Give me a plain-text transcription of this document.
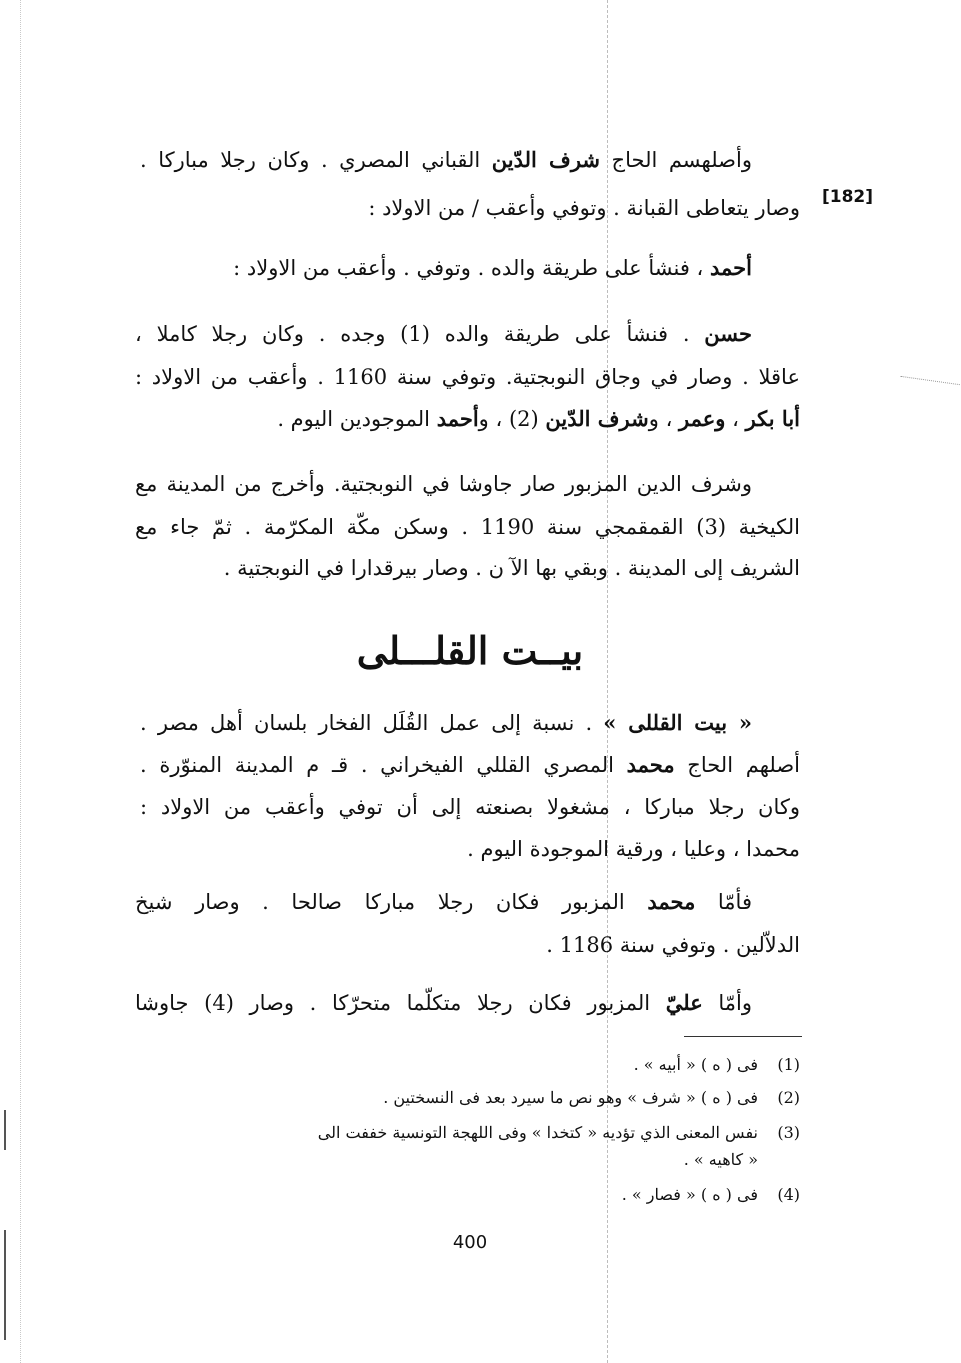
[182]
وأصلهسم الحاج شرف الدّين القباني المصري . وكان رجلا مباركا .
وصار يتعاطى القبانة . وتوفي وأعقب / من الاولاد :
أحمد ، فنشأ على طريقة والده . وتوفي . وأعقب من الاولاد :
حسن . فنشأ على طريقة والده (1) وجده . وكان رجلا كاملا ،
عاقلا . وصار في وجاق النوبجتية. وتوفي سنة 1160 . وأعقب من الاولاد :
أبا بكر ، وعمر ، وشرف الدّين (2) ، وأحمد الموجودين اليوم .
وشرف الدين المزبور صار جاوشا في النوبجتية. وأخرج من المدينة مع
الكيخية (3) القمقمجي سنة 1190 . وسكن مكّة المكرّمة . ثمّ جاء مع
الشريف إلى المدينة . وبقي بها الآ ن . وصار بيرقدارا في النوبجتية .
بيــت القلـــلى
« بيت القللى » . نسبة إلى عمل القُلَل الفخار بلسان أهل مصر .
أصلهم الحاج محمد المصري القللي الفيخراني . قـ م المدينة المنوّرة .
وكان رجلا مباركا ، مشغولا بصنعته إلى أن توفي وأعقب من الاولاد :
محمدا ، وعليا ، ورقية الموجودة اليوم .
فأمّا محمد المزبور فكان رجلا مباركا صالحا . وصار شيخ
الدلاّلين . وتوفي سنة 1186 .
وأمّا عليّ المزبور فكان رجلا متكلّما متحرّكا . وصار (4) جاوشا
(1)فى ( ه ) « أبيه » .
(2)فى ( ه ) « شرف » وهو نص ما سيرد بعد فى النسختين .
(3)نفس المعنى الذي تؤديه « كتخدا » وفى اللهجة التونسية خففت الى
« كاهيه » .
(4)فى ( ه ) « فصار » .
400
